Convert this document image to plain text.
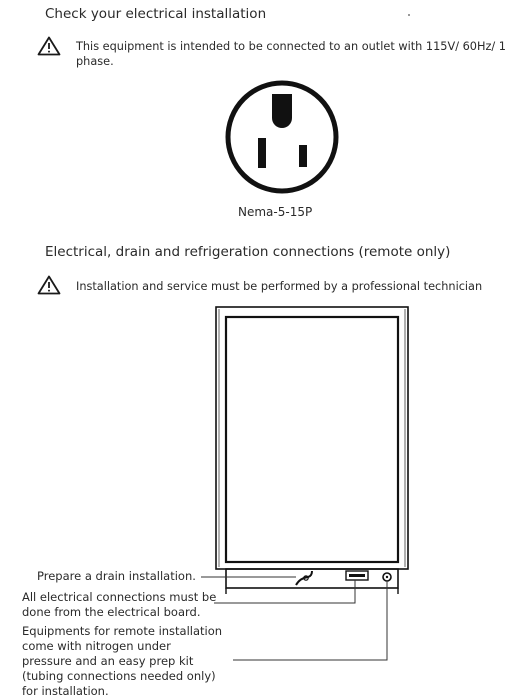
Check your electrical installation
This equipment is intended to be connected to an outlet with 115V/ 60Hz/ 1
phase.
Nema-5-15P
Electrical, drain and refrigeration connections (remote only)
Installation and service must be performed by a professional technician
Prepare a drain installation.
All electrical connections must be
done from the electrical board.
Equipments for remote installation
come with nitrogen under
pressure and an easy prep kit
(tubing connections needed only)
for installation.
